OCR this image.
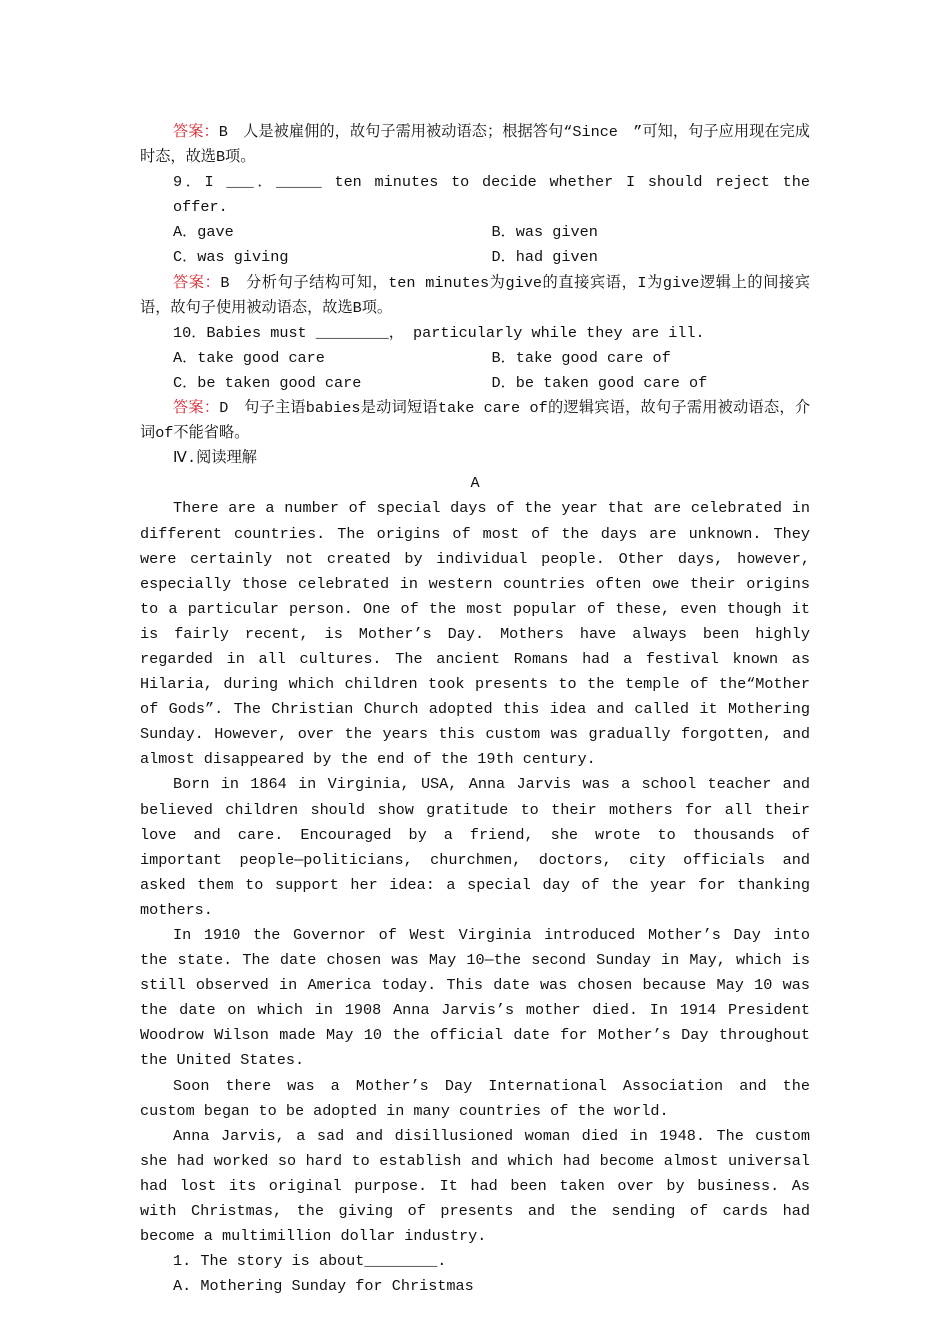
答案：B　人是被雇佣的，故句子需用被动语态；根据答句“Since　”可知，句子应用现在完成时态，故选B项。

9．I ___．_____ ten minutes to decide whether I should reject the offer.

A．gave	B．was given
C．was giving	D．had given

答案：B　分析句子结构可知，ten minutes为give的直接宾语，I为give逻辑上的间接宾语，故句子使用被动语态，故选B项。

10．Babies must ________， particularly while they are ill.

A．take good care	B．take good care of
C．be taken good care	D．be taken good care of

答案：D　句子主语babies是动词短语take care of的逻辑宾语，故句子需用被动语态，介词of不能省略。

Ⅳ.阅读理解

A

There are a number of special days of the year that are celebrated in different countries. The origins of most of the days are unknown. They were certainly not created by individual people. Other days, however, especially those celebrated in western countries often owe their origins to a particular person. One of the most popular of these, even though it is fairly recent, is Mother’s Day. Mothers have always been highly regarded in all cultures. The ancient Romans had a festival known as Hilaria, during which children took presents to the temple of the“Mother of Gods”. The Christian Church adopted this idea and called it Mothering Sunday. However, over the years this custom was gradually forgotten, and almost disappeared by the end of the 19th century.

Born in 1864 in Virginia, USA, Anna Jarvis was a school teacher and believed children should show gratitude to their mothers for all their love and care. Encouraged by a friend, she wrote to thousands of important people—politicians, churchmen, doctors, city officials and asked them to support her idea: a special day of the year for thanking mothers.

In 1910 the Governor of West Virginia introduced Mother’s Day into the state. The date chosen was May 10—the second Sunday in May, which is still observed in America today. This date was chosen because May 10 was the date on which in 1908 Anna Jarvis’s mother died. In 1914 President Woodrow Wilson made May 10 the official date for Mother’s Day throughout the United States.

Soon there was a Mother’s Day International Association and the custom began to be adopted in many countries of the world.

Anna Jarvis, a sad and disillusioned woman died in 1948. The custom she had worked so hard to establish and which had become almost universal had lost its original purpose. It had been taken over by business. As with Christmas, the giving of presents and the sending of cards had become a multimillion dollar industry.

1. The story is about________.

A. Mothering Sunday for Christmas
